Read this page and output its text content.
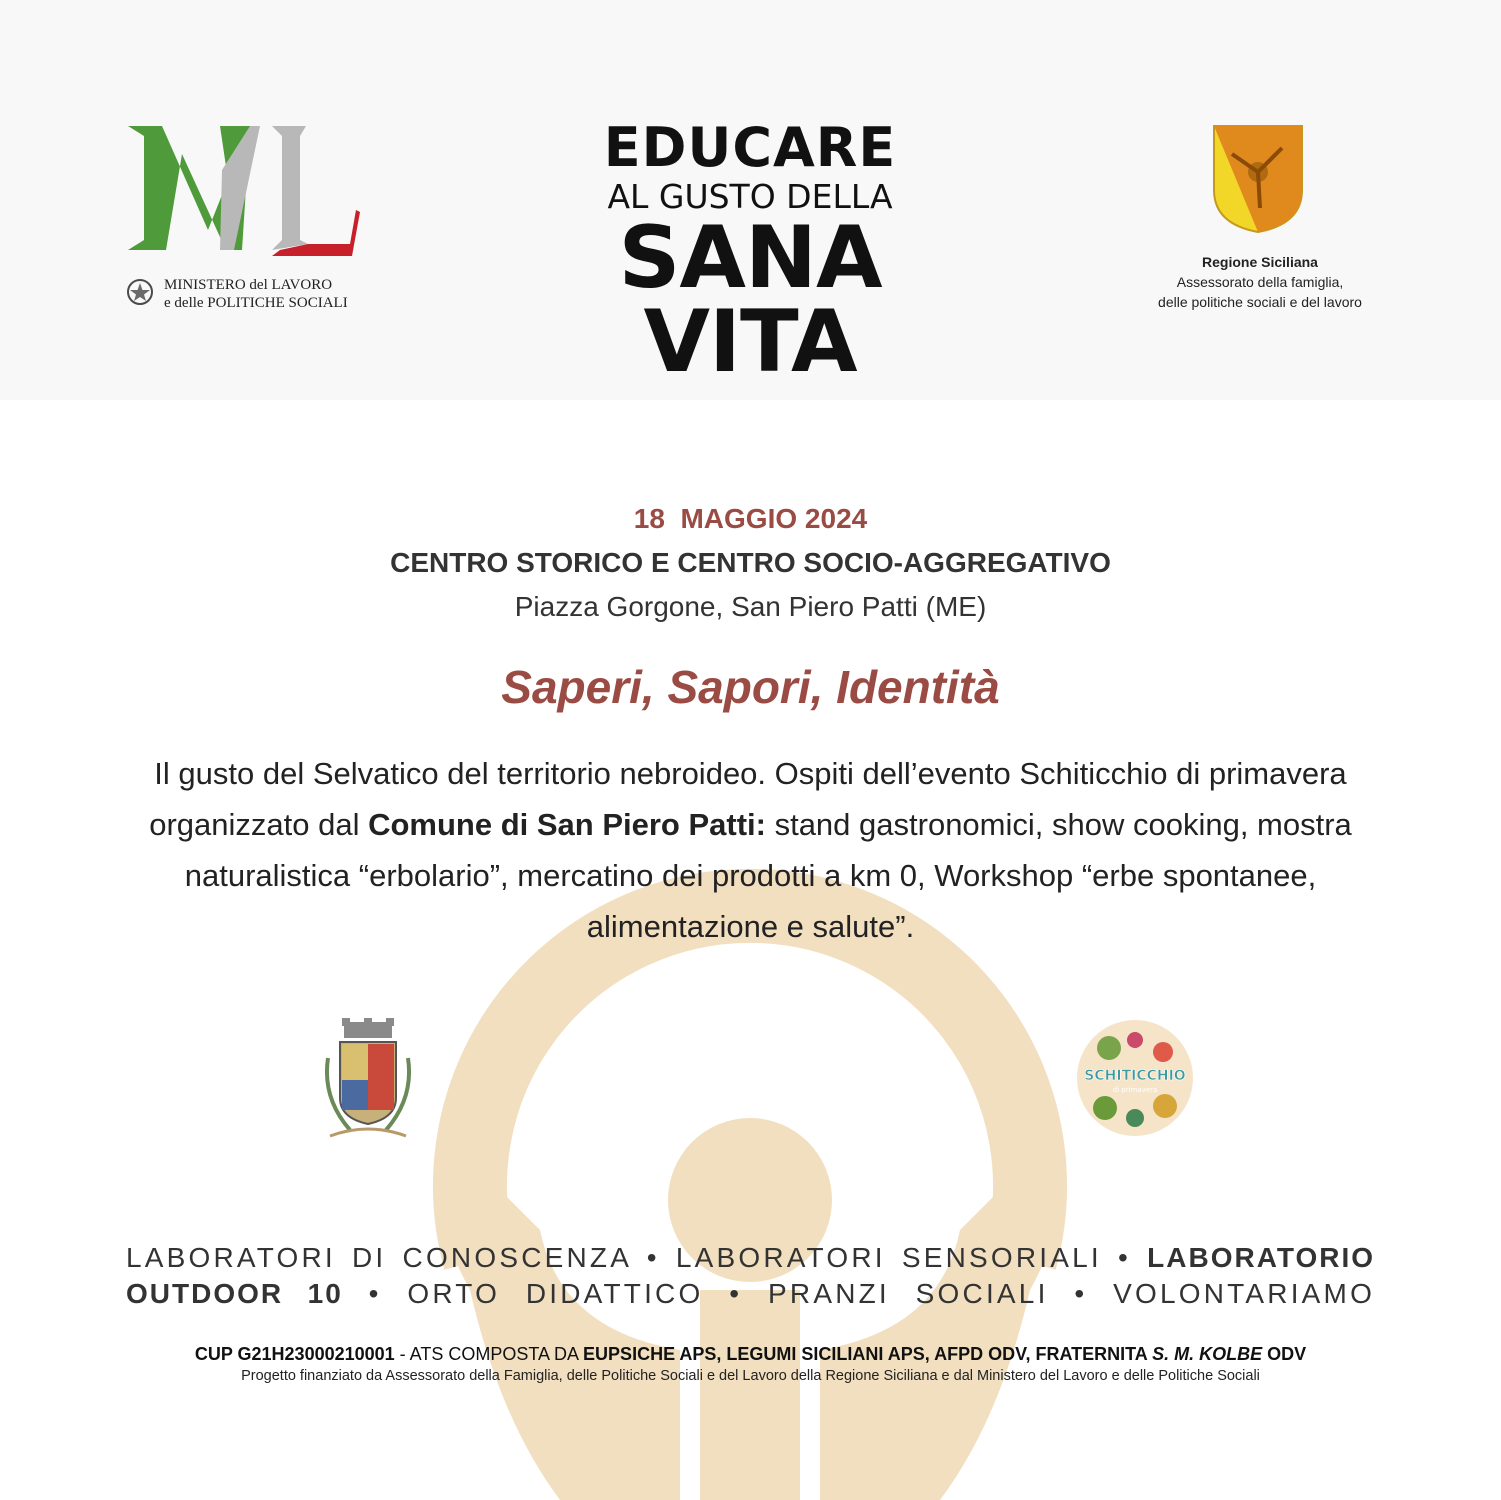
MINISTERO del LAVORO
e delle POLITICHE SOCIALI
EDUCARE
AL GUSTO DELLA
SANA
VITA
Regione Siciliana
Assessorato della famiglia,
delle politiche sociali e del lavoro
18  MAGGIO 2024
CENTRO STORICO E CENTRO SOCIO-AGGREGATIVO
Piazza Gorgone, San Piero Patti (ME)
Saperi, Sapori, Identità
Il gusto del Selvatico del territorio nebroideo. Ospiti dell’evento Schiticchio di primavera organizzato dal Comune di San Piero Patti: stand gastronomici, show cooking, mostra naturalistica “erbolario”, mercatino dei prodotti a km 0, Workshop “erbe spontanee, alimentazione e salute”.
SCHITICCHIO
di primavera
LABORATORI DI CONOSCENZA • LABORATORI SENSORIALI • LABORATORIO
OUTDOOR 10 • ORTO DIDATTICO • PRANZI SOCIALI • VOLONTARIAMO
CUP G21H23000210001 - ATS COMPOSTA DA EUPSICHE APS, LEGUMI SICILIANI APS, AFPD ODV, FRATERNITA S. M. KOLBE ODV
Progetto finanziato da Assessorato della Famiglia, delle Politiche Sociali e del Lavoro della Regione Siciliana e dal Ministero del Lavoro e delle Politiche Sociali
